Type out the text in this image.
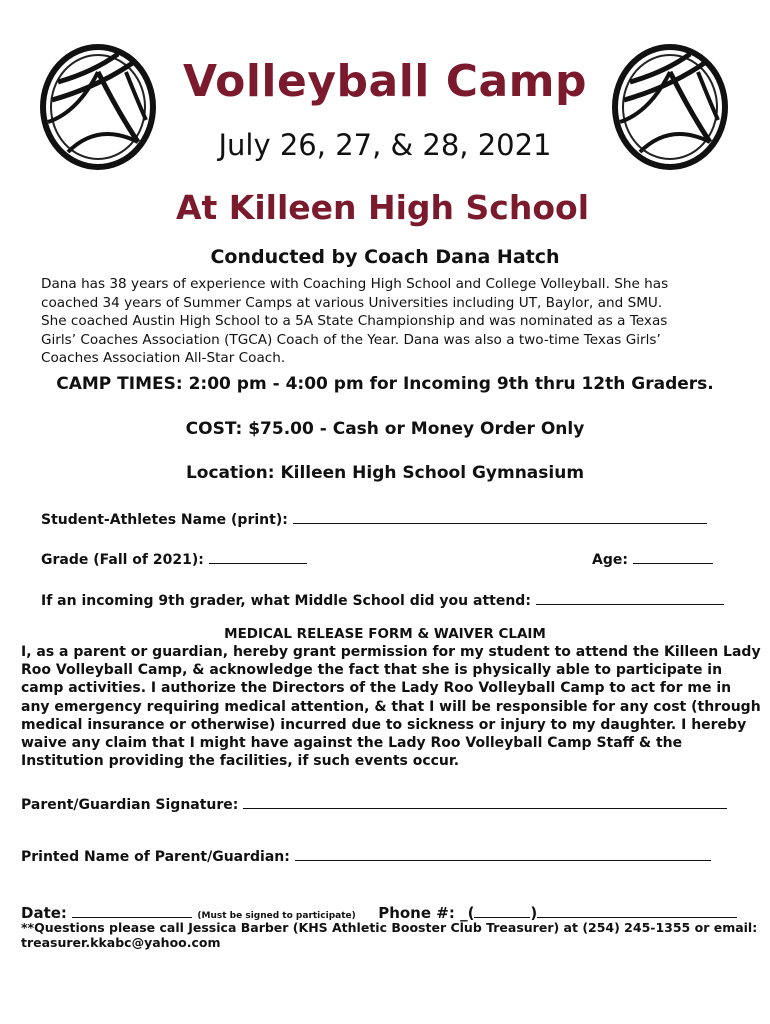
Volleyball Camp
July 26, 27, & 28, 2021
At Killeen High School
Conducted by Coach Dana Hatch
Dana has 38 years of experience with Coaching High School and College Volleyball. She has
coached 34 years of Summer Camps at various Universities including UT, Baylor, and SMU.
She coached Austin High School to a 5A State Championship and was nominated as a Texas
Girls’ Coaches Association (TGCA) Coach of the Year. Dana was also a two-time Texas Girls’
Coaches Association All-Star Coach.
CAMP TIMES: 2:00 pm - 4:00 pm for Incoming 9th thru 12th Graders.
COST: $75.00 - Cash or Money Order Only
Location: Killeen High School Gymnasium
Student-Athletes Name (print):
Grade (Fall of 2021):	Age:
If an incoming 9th grader, what Middle School did you attend:
MEDICAL RELEASE FORM & WAIVER CLAIM
I, as a parent or guardian, hereby grant permission for my student to attend the Killeen Lady
Roo Volleyball Camp, & acknowledge the fact that she is physically able to participate in
camp activities. I authorize the Directors of the Lady Roo Volleyball Camp to act for me in
any emergency requiring medical attention, & that I will be responsible for any cost (through
medical insurance or otherwise) incurred due to sickness or injury to my daughter. I hereby
waive any claim that I might have against the Lady Roo Volleyball Camp Staff & the
Institution providing the facilities, if such events occur.
Parent/Guardian Signature:
Printed Name of Parent/Guardian:
Date:	(Must be signed to participate) Phone #: _(	)
**Questions please call Jessica Barber (KHS Athletic Booster Club Treasurer) at (254) 245-1355 or email:
treasurer.kkabc@yahoo.com
